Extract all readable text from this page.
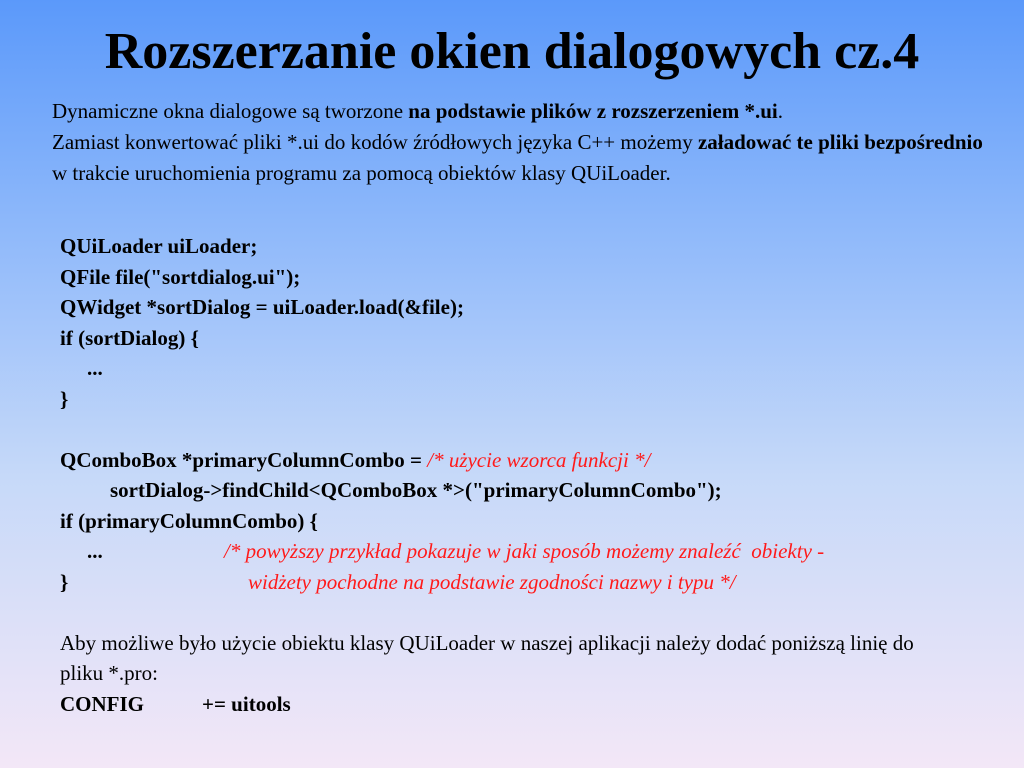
Rozszerzanie okien dialogowych cz.4

Dynamiczne okna dialogowe są tworzone na podstawie plików z rozszerzeniem *.ui.
Zamiast konwertować pliki *.ui do kodów źródłowych języka C++ możemy załadować te pliki bezpośrednio w trakcie uruchomienia programu za pomocą obiektów klasy QUiLoader.

QUiLoader uiLoader;
QFile file("sortdialog.ui");
QWidget *sortDialog = uiLoader.load(&file);
if (sortDialog) {
...
}
QComboBox *primaryColumnCombo = /* użycie wzorca funkcji */
sortDialog->findChild<QComboBox *>("primaryColumnCombo");
if (primaryColumnCombo) {
...	/* powyższy przykład pokazuje w jaki sposób możemy znaleźć  obiekty -
}	widżety pochodne na podstawie zgodności nazwy i typu */
Aby możliwe było użycie obiektu klasy QUiLoader w naszej aplikacji należy dodać poniższą linię do pliku *.pro:
CONFIG	+= uitools
